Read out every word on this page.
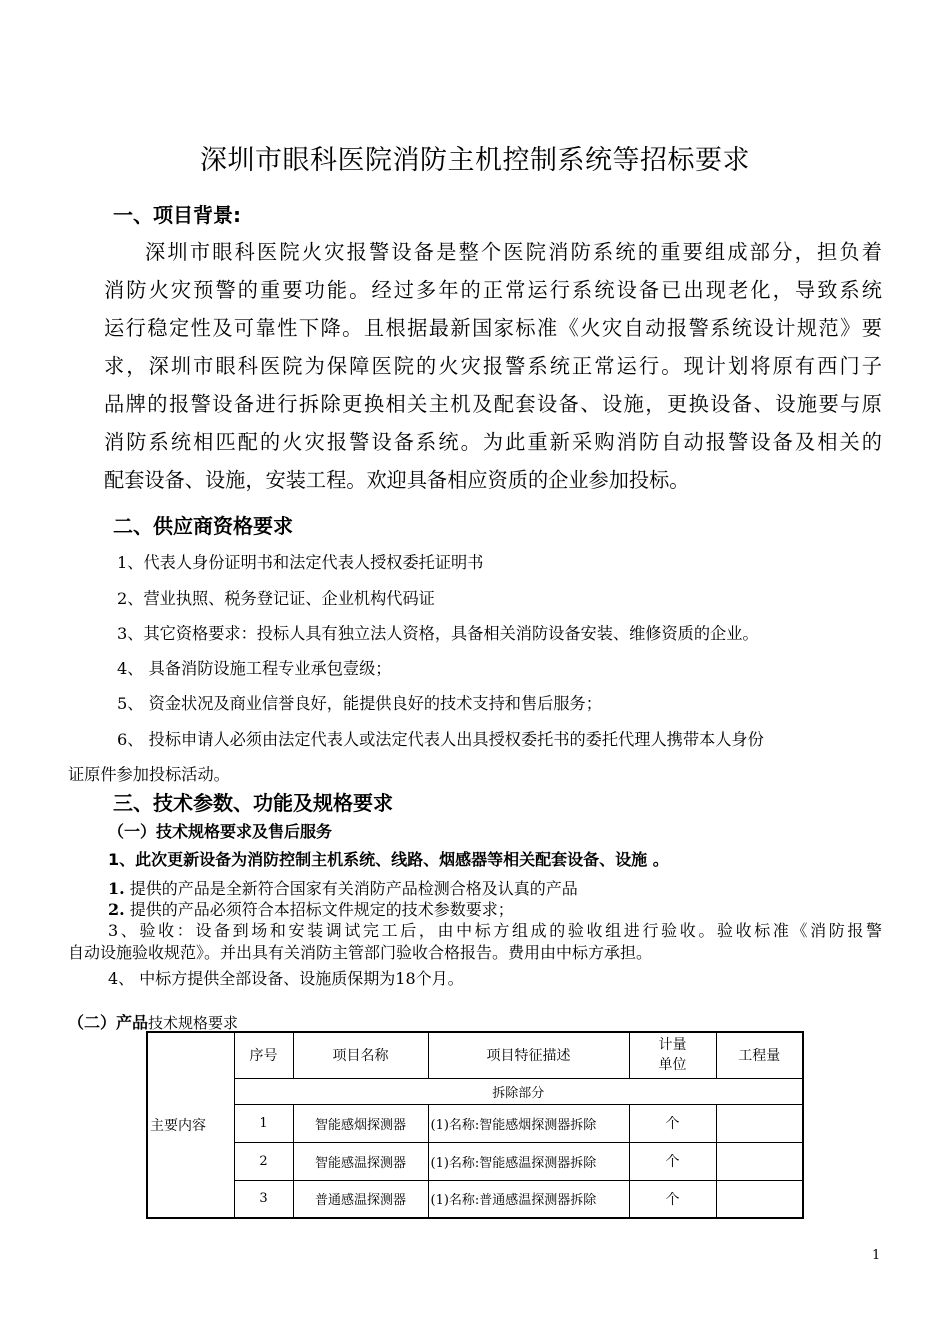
深圳市眼科医院消防主机控制系统等招标要求
一、项目背景:
深圳市眼科医院火灾报警设备是整个医院消防系统的重要组成部分，担负着
消防火灾预警的重要功能。经过多年的正常运行系统设备已出现老化，导致系统
运行稳定性及可靠性下降。且根据最新国家标准《火灾自动报警系统设计规范》要
求，深圳市眼科医院为保障医院的火灾报警系统正常运行。现计划将原有西门子
品牌的报警设备进行拆除更换相关主机及配套设备、设施，更换设备、设施要与原
消防系统相匹配的火灾报警设备系统。为此重新采购消防自动报警设备及相关的
配套设备、设施，安装工程。欢迎具备相应资质的企业参加投标。
二、供应商资格要求
1、代表人身份证明书和法定代表人授权委托证明书
2、营业执照、税务登记证、企业机构代码证
3、其它资格要求：投标人具有独立法人资格，具备相关消防设备安装、维修资质的企业。
4、 具备消防设施工程专业承包壹级；
5、 资金状况及商业信誉良好，能提供良好的技术支持和售后服务；
6、 投标申请人必须由法定代表人或法定代表人出具授权委托书的委托代理人携带本人身份
证原件参加投标活动。
三、技术参数、功能及规格要求
（一）技术规格要求及售后服务
1、此次更新设备为消防控制主机系统、线路、烟感器等相关配套设备、设施 。
1. 提供的产品是全新符合国家有关消防产品检测合格及认真的产品
2. 提供的产品必须符合本招标文件规定的技术参数要求；
3、验收：设备到场和安装调试完工后，由中标方组成的验收组进行验收。验收标准《消防报警
自动设施验收规范》。并出具有关消防主管部门验收合格报告。费用由中标方承担。
4、 中标方提供全部设备、设施质保期为18个月。
（二）产品技术规格要求
主要内容	序号	项目名称	项目特征描述	计量
单位	工程量
	拆除部分				
	1	智能感烟探测器	(1)名称:智能感烟探测器拆除	个	
	2	智能感温探测器	(1)名称:智能感温探测器拆除	个	
	3	普通感温探测器	(1)名称:普通感温探测器拆除	个	
1
